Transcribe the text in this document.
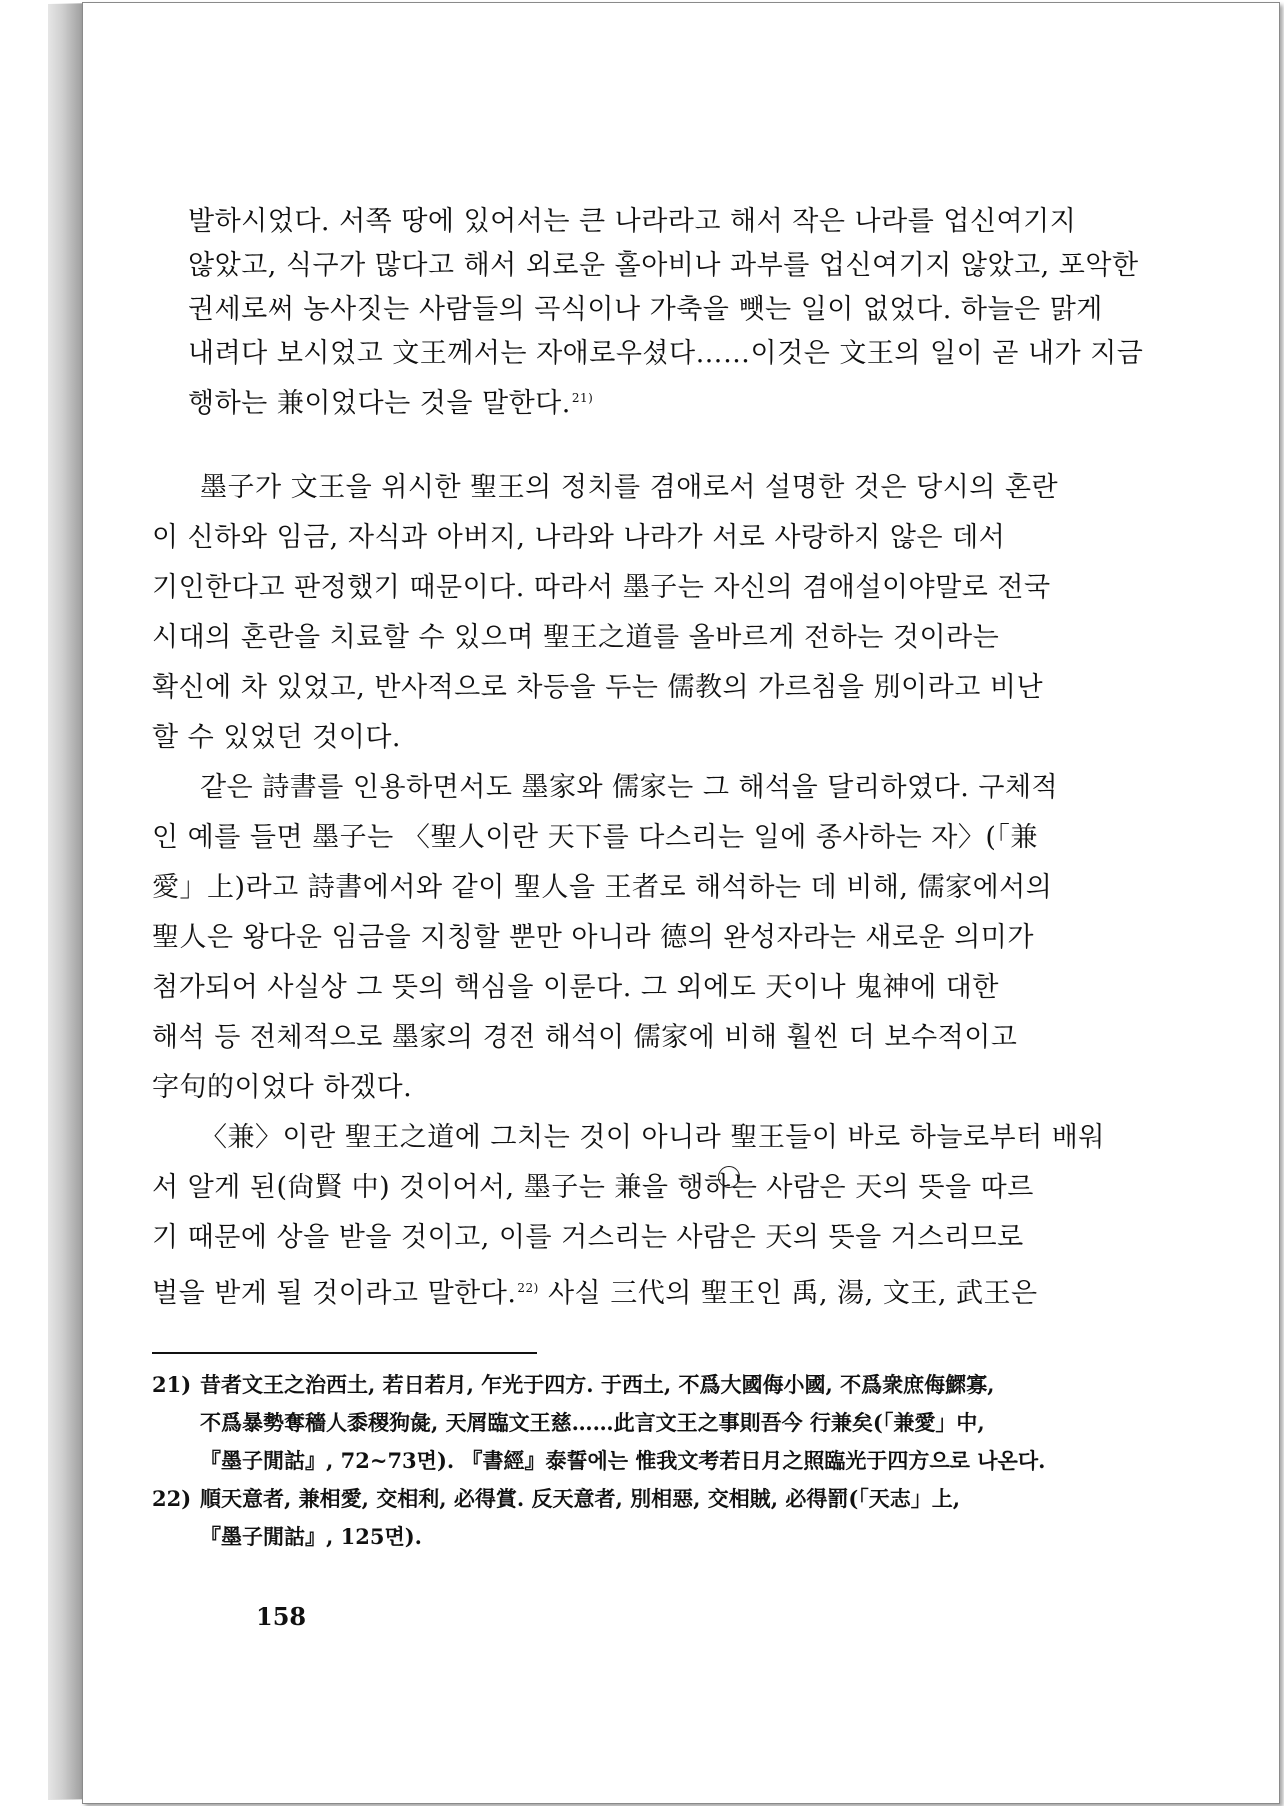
발하시었다. 서쪽 땅에 있어서는 큰 나라라고 해서 작은 나라를 업신여기지
않았고, 식구가 많다고 해서 외로운 홀아비나 과부를 업신여기지 않았고, 포악한
권세로써 농사짓는 사람들의 곡식이나 가축을 뺏는 일이 없었다. 하늘은 맑게
내려다 보시었고 文王께서는 자애로우셨다……이것은 文王의 일이 곧 내가 지금
행하는 兼이었다는 것을 말한다.$^{21)}$
墨子가 文王을 위시한 聖王의 정치를 겸애로서 설명한 것은 당시의 혼란
이 신하와 임금, 자식과 아버지, 나라와 나라가 서로 사랑하지 않은 데서
기인한다고 판정했기 때문이다. 따라서 墨子는 자신의 겸애설이야말로 전국
시대의 혼란을 치료할 수 있으며 聖王之道를 올바르게 전하는 것이라는
확신에 차 있었고, 반사적으로 차등을 두는 儒教의 가르침을 別이라고 비난
할 수 있었던 것이다.
같은 詩書를 인용하면서도 墨家와 儒家는 그 해석을 달리하였다. 구체적
인 예를 들면 墨子는 〈聖人이란 天下를 다스리는 일에 종사하는 자〉(「兼
愛」上)라고 詩書에서와 같이 聖人을 王者로 해석하는 데 비해, 儒家에서의
聖人은 왕다운 임금을 지칭할 뿐만 아니라 德의 완성자라는 새로운 의미가
첨가되어 사실상 그 뜻의 핵심을 이룬다. 그 외에도 天이나 鬼神에 대한
해석 등 전체적으로 墨家의 경전 해석이 儒家에 비해 훨씬 더 보수적이고
字句的이었다 하겠다.
〈兼〉이란 聖王之道에 그치는 것이 아니라 聖王들이 바로 하늘로부터 배워
서 알게 된(尙賢 中) 것이어서, 墨子는 兼을 행하는 사람은 天의 뜻을 따르
기 때문에 상을 받을 것이고, 이를 거스리는 사람은 天의 뜻을 거스리므로
벌을 받게 될 것이라고 말한다.$^{22)}$ 사실 三代의 聖王인 禹, 湯, 文王, 武王은
21) 昔者文王之治西土, 若日若月, 乍光于四方. 于西土, 不爲大國侮小國, 不爲衆庶侮鰥寡,
不爲暴勢奪穡人黍稷狗彘, 天屑臨文王慈……此言文王之事則吾今 行兼矣(「兼愛」中,
『墨子閒詁』, 72~73면). 『書經』泰誓에는 惟我文考若日月之照臨光于四方으로 나온다.
22) 順天意者, 兼相愛, 交相利, 必得賞. 反天意者, 別相惡, 交相賊, 必得罰(「天志」上,
『墨子閒詁』, 125면).
158
